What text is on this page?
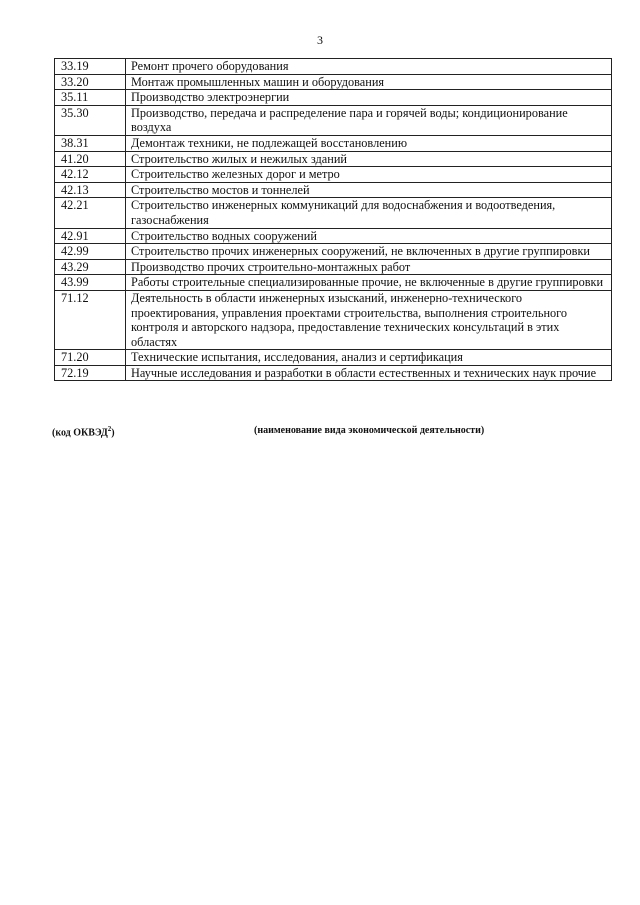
3
33.19	Ремонт прочего оборудования
33.20	Монтаж промышленных машин и оборудования
35.11	Производство электроэнергии
35.30	Производство, передача и распределение пара и горячей воды; кондиционирование воздуха
38.31	Демонтаж техники, не подлежащей восстановлению
41.20	Строительство жилых и нежилых зданий
42.12	Строительство железных дорог и метро
42.13	Строительство мостов и тоннелей
42.21	Строительство инженерных коммуникаций для водоснабжения и водоотведения, газоснабжения
42.91	Строительство водных сооружений
42.99	Строительство прочих инженерных сооружений, не включенных в другие группировки
43.29	Производство прочих строительно-монтажных работ
43.99	Работы строительные специализированные прочие, не включенные в другие группировки
71.12	Деятельность в области инженерных изысканий, инженерно-технического проектирования, управления проектами строительства, выполнения строительного контроля и авторского надзора, предоставление технических консультаций в этих областях
71.20	Технические испытания, исследования, анализ и сертификация
72.19	Научные исследования и разработки в области естественных и технических наук прочие
(код ОКВЭД$^2$)	(наименование вида экономической деятельности)
